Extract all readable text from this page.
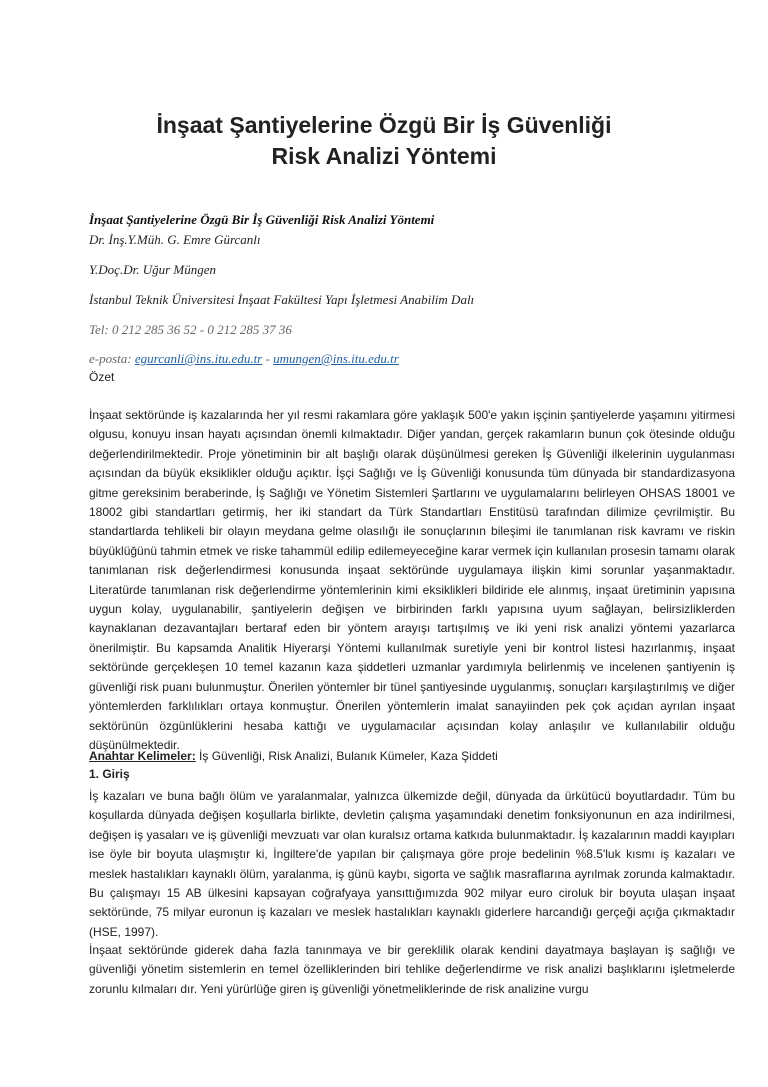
İnşaat Şantiyelerine Özgü Bir İş Güvenliği
Risk Analizi Yöntemi
İnşaat Şantiyelerine Özgü Bir İş Güvenliği Risk Analizi Yöntemi
Dr. İnş.Y.Müh. G. Emre Gürcanlı
Y.Doç.Dr. Uğur Müngen
İstanbul Teknik Üniversitesi İnşaat Fakültesi Yapı İşletmesi Anabilim Dalı
Tel: 0 212 285 36 52 - 0 212 285 37 36
e-posta: egurcanli@ins.itu.edu.tr - umungen@ins.itu.edu.tr
Özet
İnşaat sektöründe iş kazalarında her yıl resmi rakamlara göre yaklaşık 500'e yakın işçinin şantiyelerde yaşamını yitirmesi olgusu, konuyu insan hayatı açısından önemli kılmaktadır. Diğer yandan, gerçek rakamların bunun çok ötesinde olduğu değerlendirilmektedir. Proje yönetiminin bir alt başlığı olarak düşünülmesi gereken İş Güvenliği ilkelerinin uygulanması açısından da büyük eksiklikler olduğu açıktır. İşçi Sağlığı ve İş Güvenliği konusunda tüm dünyada bir standardizasyona gitme gereksinim beraberinde, İş Sağlığı ve Yönetim Sistemleri Şartlarını ve uygulamalarını belirleyen OHSAS 18001 ve 18002 gibi standartları getirmiş, her iki standart da Türk Standartları Enstitüsü tarafından dilimize çevrilmiştir. Bu standartlarda tehlikeli bir olayın meydana gelme olasılığı ile sonuçlarının bileşimi ile tanımlanan risk kavramı ve riskin büyüklüğünü tahmin etmek ve riske tahammül edilip edilemeyeceğine karar vermek için kullanılan prosesin tamamı olarak tanımlanan risk değerlendirmesi konusunda inşaat sektöründe uygulamaya ilişkin kimi sorunlar yaşanmaktadır. Literatürde tanımlanan risk değerlendirme yöntemlerinin kimi eksiklikleri bildiride ele alınmış, inşaat üretiminin yapısına uygun kolay, uygulanabilir, şantiyelerin değişen ve birbirinden farklı yapısına uyum sağlayan, belirsizliklerden kaynaklanan dezavantajları bertaraf eden bir yöntem arayışı tartışılmış ve iki yeni risk analizi yöntemi yazarlarca önerilmiştir. Bu kapsamda Analitik Hiyerarşi Yöntemi kullanılmak suretiyle yeni bir kontrol listesi hazırlanmış, inşaat sektöründe gerçekleşen 10 temel kazanın kaza şiddetleri uzmanlar yardımıyla belirlenmiş ve incelenen şantiyenin iş güvenliği risk puanı bulunmuştur. Önerilen yöntemler bir tünel şantiyesinde uygulanmış, sonuçları karşılaştırılmış ve diğer yöntemlerden farklılıkları ortaya konmuştur. Önerilen yöntemlerin imalat sanayiinden pek çok açıdan ayrılan inşaat sektörünün özgünlüklerini hesaba kattığı ve uygulamacılar açısından kolay anlaşılır ve kullanılabilir olduğu düşünülmektedir.
Anahtar Kelimeler: İş Güvenliği, Risk Analizi, Bulanık Kümeler, Kaza Şiddeti
1. Giriş
İş kazaları ve buna bağlı ölüm ve yaralanmalar, yalnızca ülkemizde değil, dünyada da ürkütücü boyutlardadır. Tüm bu koşullarda dünyada değişen koşullarla birlikte, devletin çalışma yaşamındaki denetim fonksiyonunun en aza indirilmesi, değişen iş yasaları ve iş güvenliği mevzuatı var olan kuralsız ortama katkıda bulunmaktadır. İş kazalarının maddi kayıpları ise öyle bir boyuta ulaşmıştır ki, İngiltere'de yapılan bir çalışmaya göre proje bedelinin %8.5'luk kısmı iş kazaları ve meslek hastalıkları kaynaklı ölüm, yaralanma, iş günü kaybı, sigorta ve sağlık masraflarına ayrılmak zorunda kalmaktadır. Bu çalışmayı 15 AB ülkesini kapsayan coğrafyaya yansıttığımızda 902 milyar euro ciroluk bir boyuta ulaşan inşaat sektöründe, 75 milyar euronun iş kazaları ve meslek hastalıkları kaynaklı giderlere harcandığı gerçeği açığa çıkmaktadır (HSE, 1997).
İnşaat sektöründe giderek daha fazla tanınmaya ve bir gereklilik olarak kendini dayatmaya başlayan iş sağlığı ve güvenliği yönetim sistemlerin en temel özelliklerinden biri tehlike değerlendirme ve risk analizi başlıklarını işletmelerde zorunlu kılmaları dır. Yeni yürürlüğe giren iş güvenliği yönetmeliklerinde de risk analizine vurgu
